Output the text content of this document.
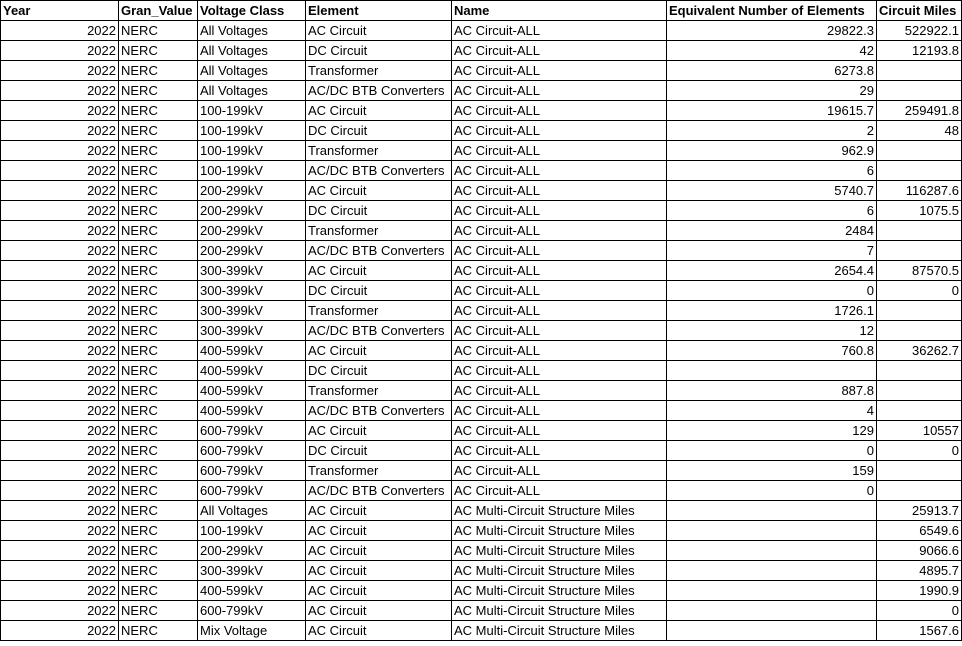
Year	Gran_Value	Voltage Class	Element	Name	Equivalent Number of Elements	Circuit Miles
2022	NERC	All Voltages	AC Circuit	AC Circuit-ALL	29822.3	522922.1
2022	NERC	All Voltages	DC Circuit	AC Circuit-ALL	42	12193.8
2022	NERC	All Voltages	Transformer	AC Circuit-ALL	6273.8	
2022	NERC	All Voltages	AC/DC BTB Converters	AC Circuit-ALL	29	
2022	NERC	100-199kV	AC Circuit	AC Circuit-ALL	19615.7	259491.8
2022	NERC	100-199kV	DC Circuit	AC Circuit-ALL	2	48
2022	NERC	100-199kV	Transformer	AC Circuit-ALL	962.9	
2022	NERC	100-199kV	AC/DC BTB Converters	AC Circuit-ALL	6	
2022	NERC	200-299kV	AC Circuit	AC Circuit-ALL	5740.7	116287.6
2022	NERC	200-299kV	DC Circuit	AC Circuit-ALL	6	1075.5
2022	NERC	200-299kV	Transformer	AC Circuit-ALL	2484	
2022	NERC	200-299kV	AC/DC BTB Converters	AC Circuit-ALL	7	
2022	NERC	300-399kV	AC Circuit	AC Circuit-ALL	2654.4	87570.5
2022	NERC	300-399kV	DC Circuit	AC Circuit-ALL	0	0
2022	NERC	300-399kV	Transformer	AC Circuit-ALL	1726.1	
2022	NERC	300-399kV	AC/DC BTB Converters	AC Circuit-ALL	12	
2022	NERC	400-599kV	AC Circuit	AC Circuit-ALL	760.8	36262.7
2022	NERC	400-599kV	DC Circuit	AC Circuit-ALL		
2022	NERC	400-599kV	Transformer	AC Circuit-ALL	887.8	
2022	NERC	400-599kV	AC/DC BTB Converters	AC Circuit-ALL	4	
2022	NERC	600-799kV	AC Circuit	AC Circuit-ALL	129	10557
2022	NERC	600-799kV	DC Circuit	AC Circuit-ALL	0	0
2022	NERC	600-799kV	Transformer	AC Circuit-ALL	159	
2022	NERC	600-799kV	AC/DC BTB Converters	AC Circuit-ALL	0	
2022	NERC	All Voltages	AC Circuit	AC Multi-Circuit Structure Miles		25913.7
2022	NERC	100-199kV	AC Circuit	AC Multi-Circuit Structure Miles		6549.6
2022	NERC	200-299kV	AC Circuit	AC Multi-Circuit Structure Miles		9066.6
2022	NERC	300-399kV	AC Circuit	AC Multi-Circuit Structure Miles		4895.7
2022	NERC	400-599kV	AC Circuit	AC Multi-Circuit Structure Miles		1990.9
2022	NERC	600-799kV	AC Circuit	AC Multi-Circuit Structure Miles		0
2022	NERC	Mix Voltage	AC Circuit	AC Multi-Circuit Structure Miles		1567.6
